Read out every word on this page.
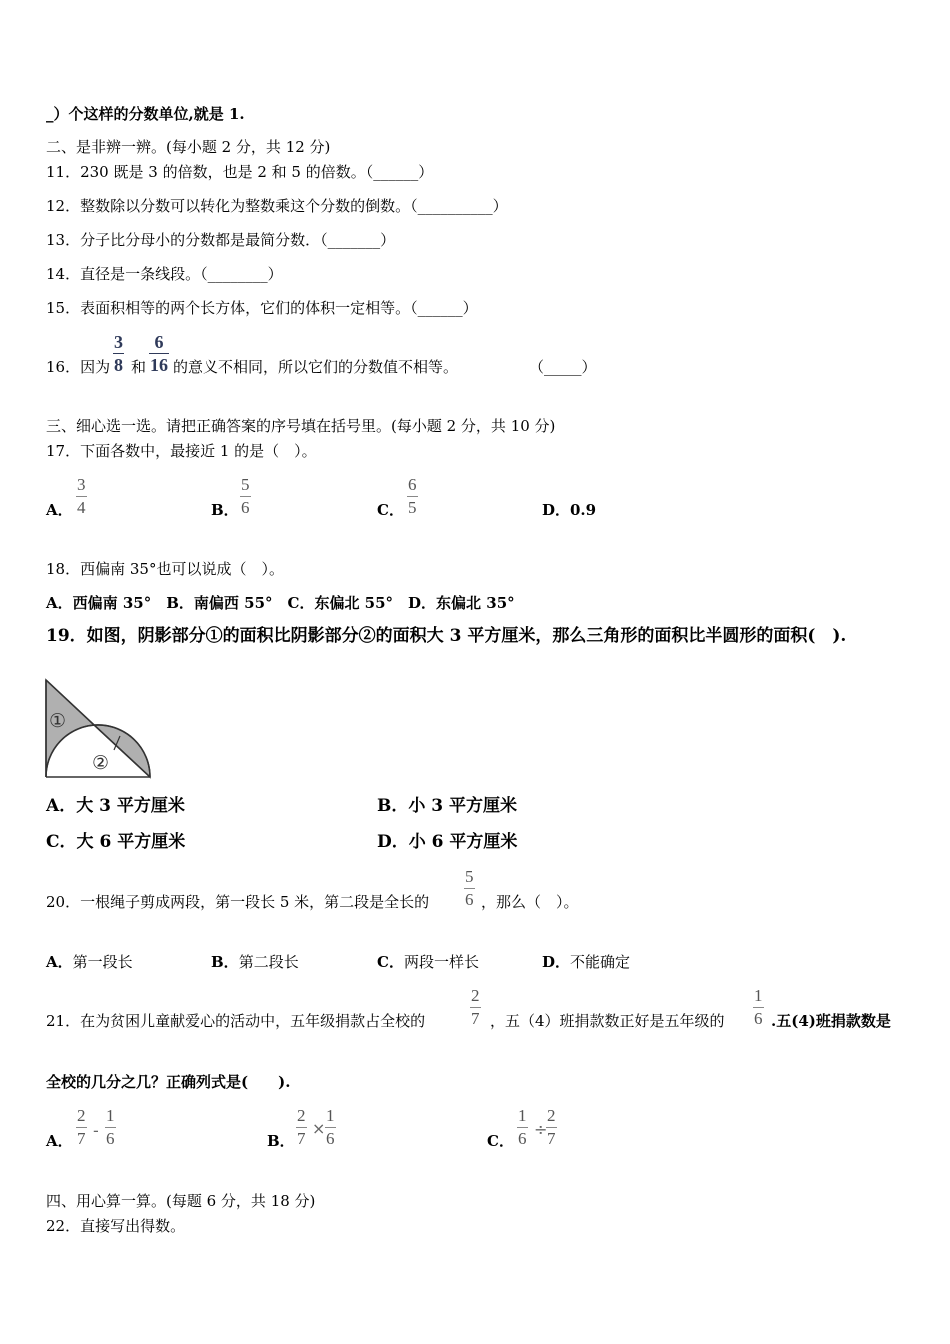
_）个这样的分数单位,就是 1.
二、是非辨一辨。(每小题 2 分，共 12 分)
11．230 既是 3 的倍数，也是 2 和 5 的倍数。（______）
12．整数除以分数可以转化为整数乘这个分数的倒数。（__________）
13．分子比分母小的分数都是最简分数．（_______）
14．直径是一条线段。（________）
15．表面积相等的两个长方体，它们的体积一定相等。（______）
16．因为
3
8 和
6
16 的意义不相同，所以它们的分数值不相等。	（_____）
三、细心选一选。请把正确答案的序号填在括号里。(每小题 2 分，共 10 分)
17．下面各数中，最接近 1 的是（　）。
A．
3
4	B．
5
6	C．
6
5	D． 0.9
18．西偏南 35°也可以说成（　）。
A．西偏南 35°　B．南偏西 55°　C．东偏北 55°　D．东偏北 35°
19．如图，阴影部分①的面积比阴影部分②的面积大 3 平方厘米，那么三角形的面积比半圆形的面积(　).
①
②
A．大 3 平方厘米	B．小 3 平方厘米
C．大 6 平方厘米	D．小 6 平方厘米
20．一根绳子剪成两段，第一段长 5 米，第二段是全长的
5
6 ，那么（　）。
A．第一段长	B．第二段长	C．两段一样长	D．不能确定
21．在为贫困儿童献爱心的活动中，五年级捐款占全校的
2
7 ，五（4）班捐款数正好是五年级的
1
6 .五(4)班捐款数是
全校的几分之几？正确列式是(　　).
A．
2
7 -
1
6	B．
2
7
×
1
6	C．
1
6 ÷
2
7
四、用心算一算。(每题 6 分，共 18 分)
22．直接写出得数。
